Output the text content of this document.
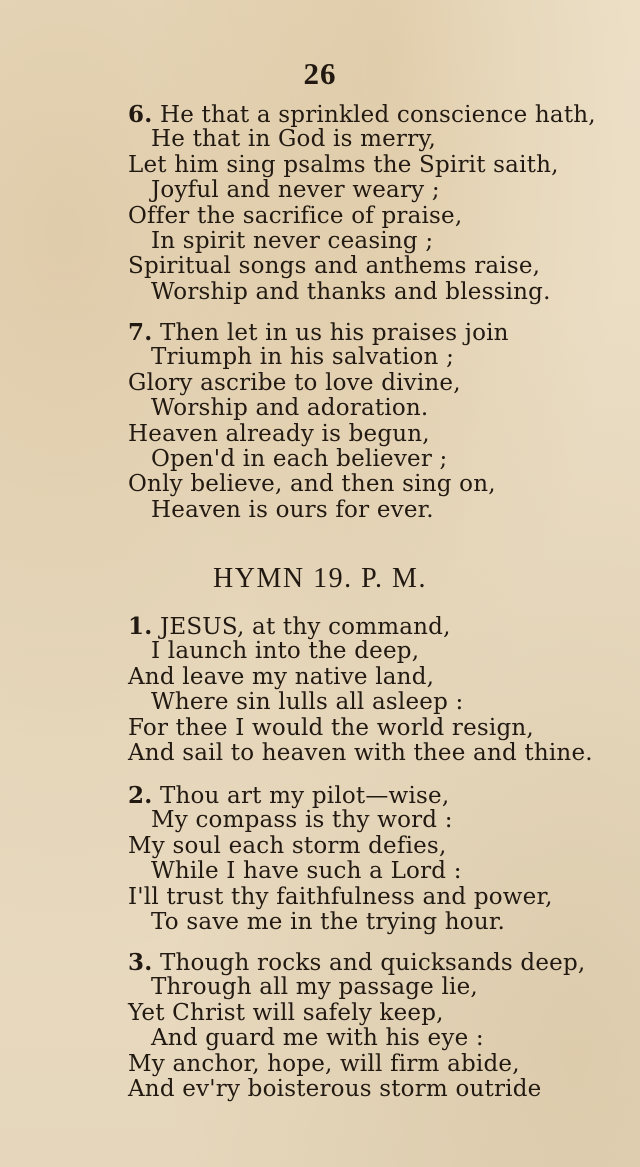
26
6. He that a sprinkled conscience hath,
He that in God is merry,
Let him sing psalms the Spirit saith,
Joyful and never weary ;
Offer the sacrifice of praise,
In spirit never ceasing ;
Spiritual songs and anthems raise,
Worship and thanks and blessing.
7. Then let in us his praises join
Triumph in his salvation ;
Glory ascribe to love divine,
Worship and adoration.
Heaven already is begun,
Open'd in each believer ;
Only believe, and then sing on,
Heaven is ours for ever.
HYMN 19. P. M.
1. JESUS, at thy command,
I launch into the deep,
And leave my native land,
Where sin lulls all asleep :
For thee I would the world resign,
And sail to heaven with thee and thine.
2. Thou art my pilot—wise,
My compass is thy word :
My soul each storm defies,
While I have such a Lord :
I'll trust thy faithfulness and power,
To save me in the trying hour.
3. Though rocks and quicksands deep,
Through all my passage lie,
Yet Christ will safely keep,
And guard me with his eye :
My anchor, hope, will firm abide,
And ev'ry boisterous storm outride
